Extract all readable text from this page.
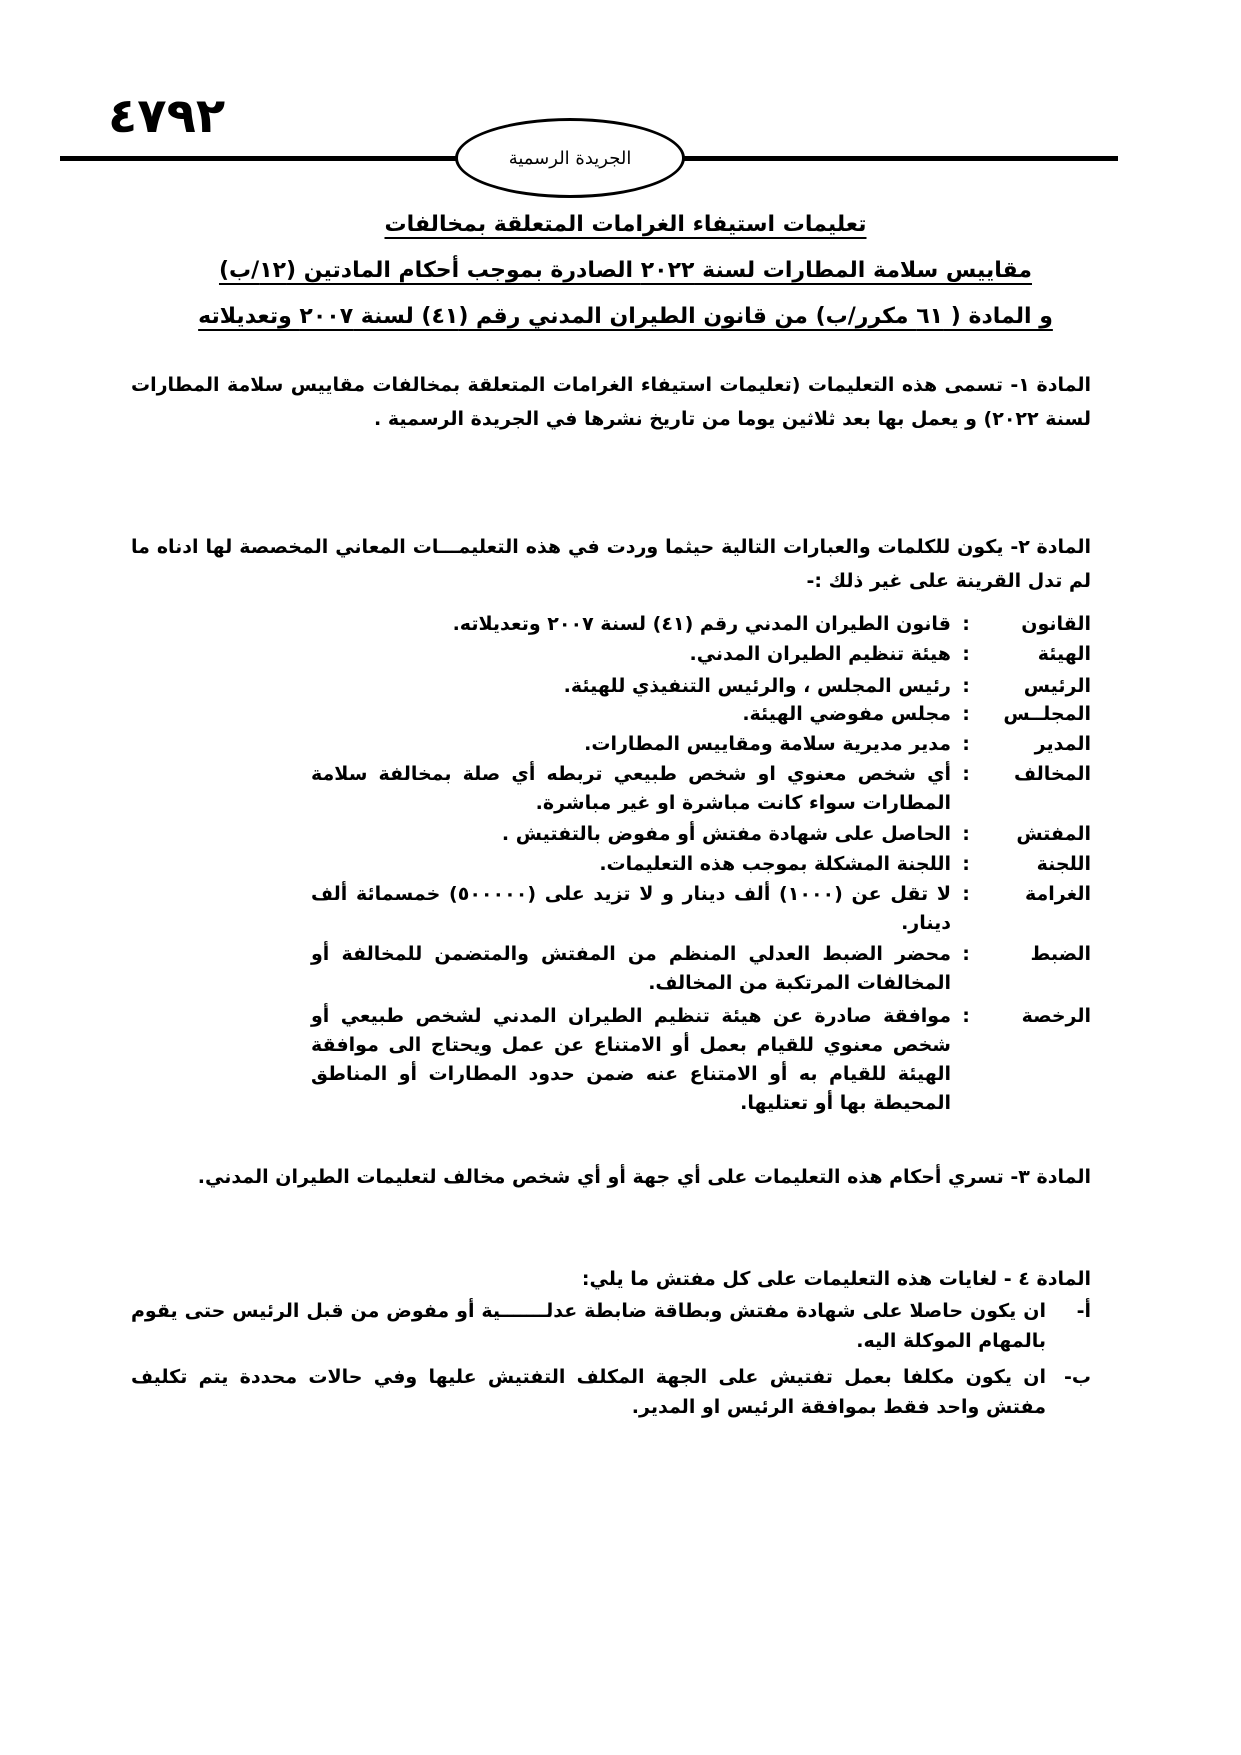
٤٧٩٢
الجريدة الرسمية
تعليمات استيفاء الغرامات المتعلقة بمخالفات
مقاييس سلامة المطارات لسنة ٢٠٢٢ الصادرة بموجب أحكام المادتين (١٢/ب)
و المادة ( ٦١ مكرر/ب) من قانون الطيران المدني رقم (٤١) لسنة ٢٠٠٧ وتعديلاته
المادة ١- تسمى هذه التعليمات (تعليمات استيفاء الغرامات المتعلقة بمخالفات مقاييس سلامة المطارات لسنة ٢٠٢٢) و يعمل بها بعد ثلاثين يوما من تاريخ نشرها في الجريدة الرسمية .
المادة ٢- يكون للكلمات والعبارات التالية حيثما وردت في هذه التعليمـــات المعاني المخصصة لها ادناه ما لم تدل القرينة على غير ذلك :-
القانون
:
قانون الطيران المدني رقم (٤١) لسنة ٢٠٠٧ وتعديلاته.
الهيئة
:
هيئة تنظيم الطيران المدني.
الرئيس
:
رئيس المجلس ، والرئيس التنفيذي للهيئة.
المجلــس
:
مجلس مفوضي الهيئة.
المدير
:
مدير مديرية سلامة ومقاييس المطارات.
المخالف
:
أي شخص معنوي او شخص طبيعي تربطه أي صلة بمخالفة سلامة المطارات سواء كانت مباشرة او غير مباشرة.
المفتش
:
الحاصل على شهادة مفتش أو مفوض بالتفتيش .
اللجنة
:
اللجنة المشكلة بموجب هذه التعليمات.
الغرامة
:
لا تقل عن (١٠٠٠) ألف دينار و لا تزيد على (٥٠٠٠٠٠) خمسمائة ألف دينار.
الضبط
:
محضر الضبط العدلي المنظم من المفتش والمتضمن للمخالفة أو المخالفات المرتكبة من المخالف.
الرخصة
:
موافقة صادرة عن هيئة تنظيم الطيران المدني لشخص طبيعي أو شخص معنوي للقيام بعمل أو الامتناع عن عمل ويحتاج الى موافقة الهيئة للقيام به أو الامتناع عنه ضمن حدود المطارات أو المناطق المحيطة بها أو تعتليها.
المادة ٣- تسري أحكام هذه التعليمات على أي جهة أو أي شخص مخالف لتعليمات الطيران المدني.
المادة ٤ - لغايات هذه التعليمات على كل مفتش ما يلي:
أ-
ان يكون حاصلا على شهادة مفتش وبطاقة ضابطة عدلـــــــية أو مفوض من قبل الرئيس حتى يقوم بالمهام الموكلة اليه.
ب-
ان يكون مكلفا بعمل تفتيش على الجهة المكلف التفتيش عليها وفي حالات محددة يتم تكليف مفتش واحد فقط بموافقة الرئيس او المدير.
